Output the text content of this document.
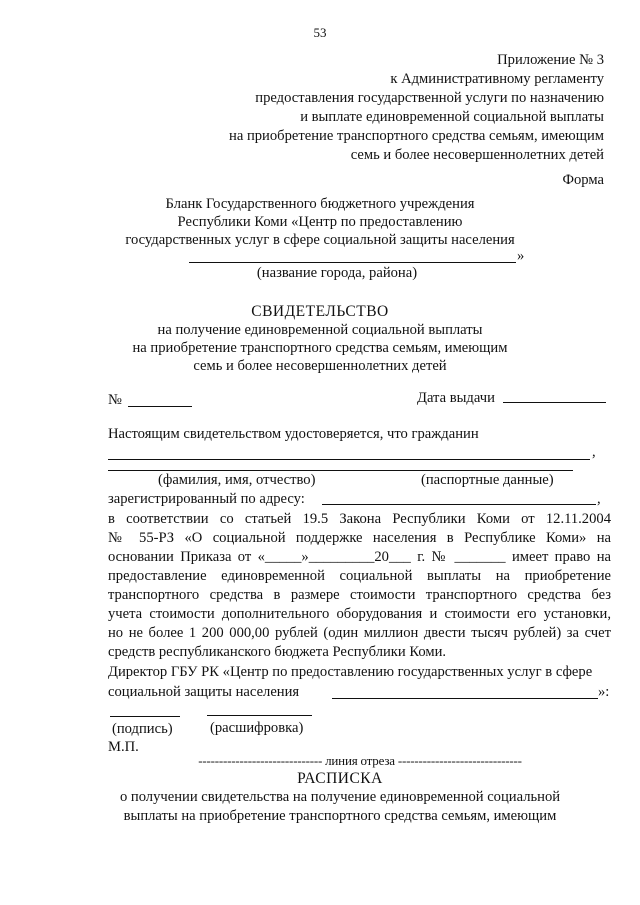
53
Приложение № 3
к Административному регламенту
предоставления государственной услуги по назначению
и выплате единовременной социальной выплаты
на приобретение транспортного средства семьям, имеющим
семь и более несовершеннолетних детей
Форма
Бланк Государственного бюджетного учреждения
Республики Коми «Центр по предоставлению
государственных услуг в сфере социальной защиты населения
»
(название города, района)
СВИДЕТЕЛЬСТВО
на получение единовременной социальной выплаты
на приобретение транспортного средства семьям, имеющим
семь и более несовершеннолетних детей
№	Дата выдачи
Настоящим свидетельством удостоверяется, что гражданин
,
(фамилия, имя, отчество)	(паспортные данные)
зарегистрированный по адресу:	,
в соответствии со статьей 19.5 Закона Республики Коми от 12.11.2004
№ 55-РЗ «О социальной поддержке населения в Республике Коми» на
основании Приказа от «_____»_________20___ г. № _______ имеет право на
предоставление единовременной социальной выплаты на приобретение
транспортного средства в размере стоимости транспортного средства без
учета стоимости дополнительного оборудования и стоимости его установки,
но не более 1 200 000,00 рублей (один миллион двести тысяч рублей) за счет
средств республиканского бюджета Республики Коми.
Директор ГБУ РК «Центр по предоставлению государственных услуг в сфере
социальной защиты населения	»:
(подпись)	(расшифровка)
М.П.
------------------------------ линия отреза ------------------------------
РАСПИСКА
о получении свидетельства на получение единовременной социальной
выплаты на приобретение транспортного средства семьям, имеющим
